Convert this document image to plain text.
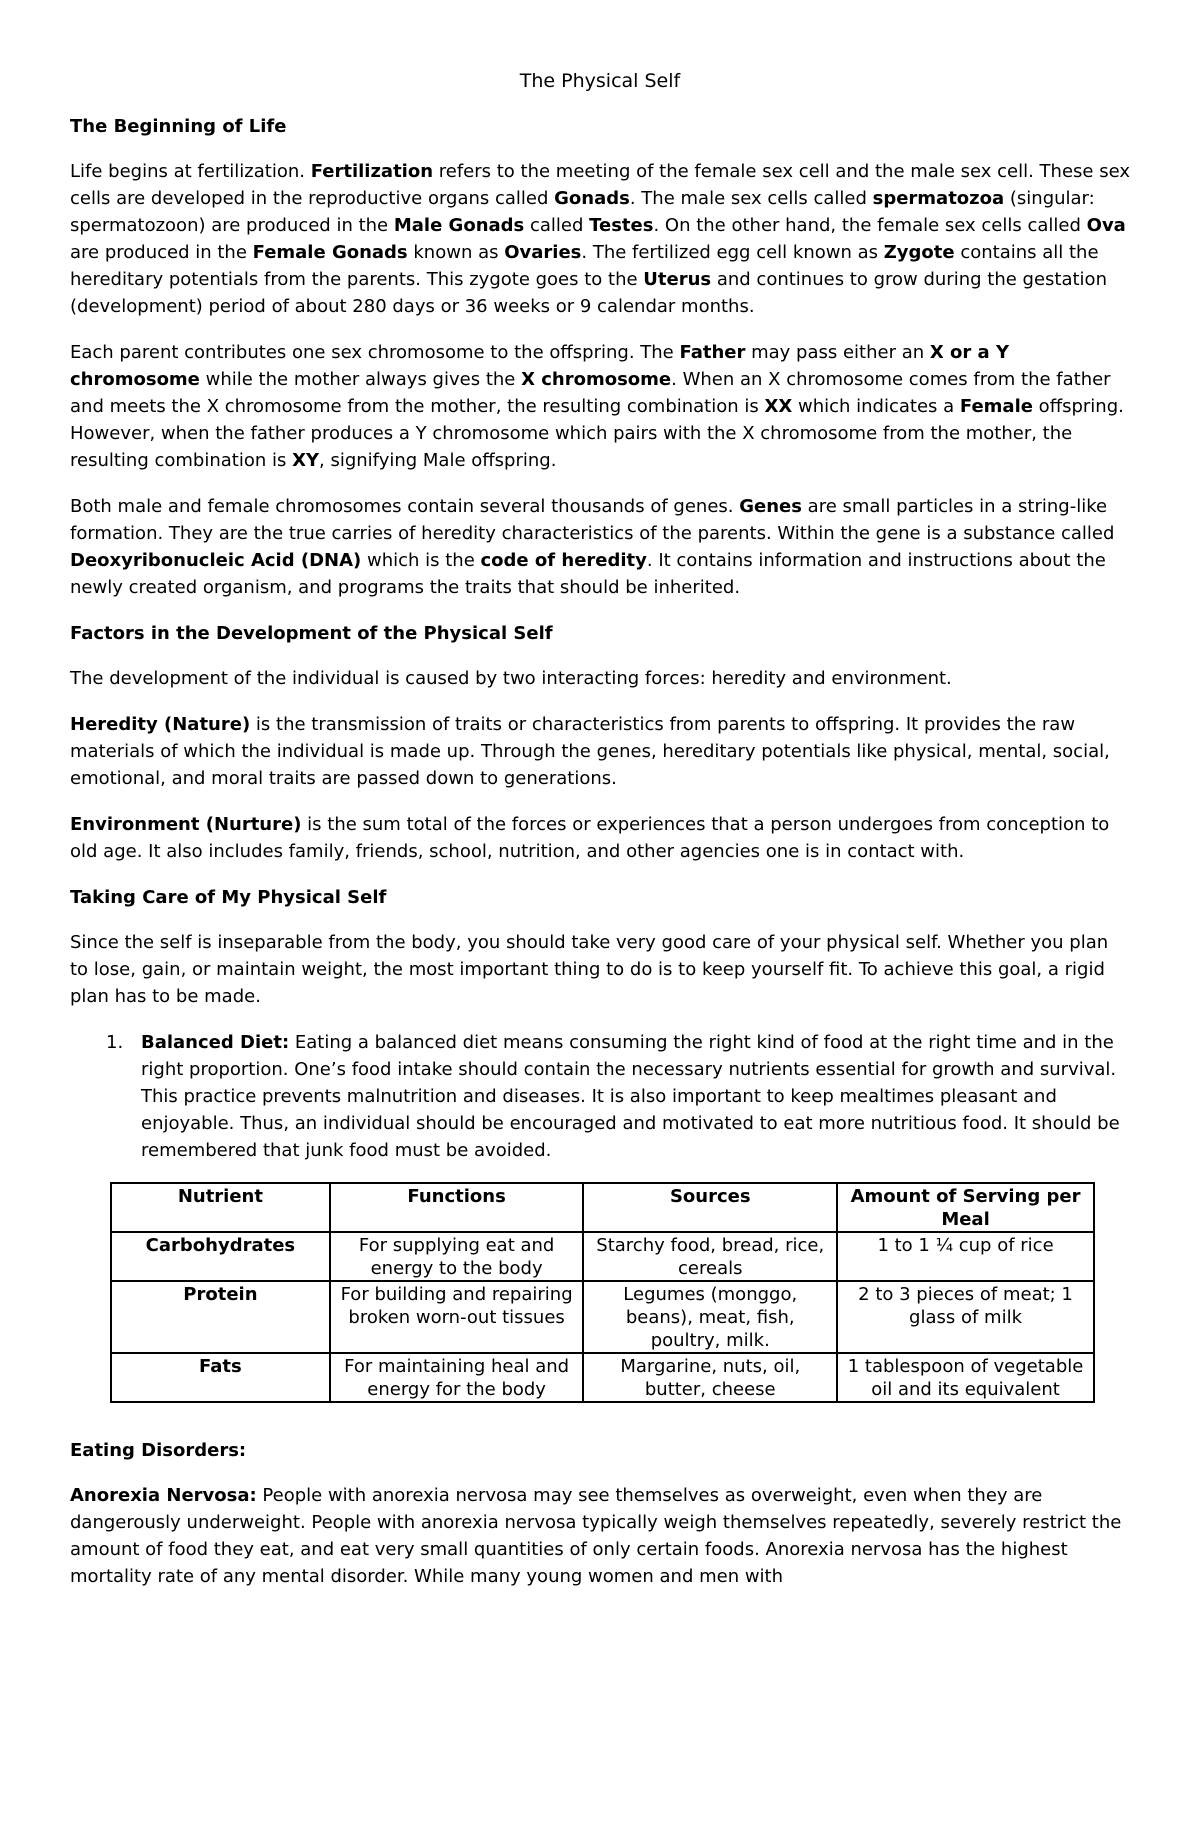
The Physical Self
The Beginning of Life

Life begins at fertilization. Fertilization refers to the meeting of the female sex cell and the male sex cell. These sex cells are developed in the reproductive organs called Gonads. The male sex cells called spermatozoa (singular: spermatozoon) are produced in the Male Gonads called Testes. On the other hand, the female sex cells called Ova are produced in the Female Gonads known as Ovaries. The fertilized egg cell known as Zygote contains all the hereditary potentials from the parents. This zygote goes to the Uterus and continues to grow during the gestation (development) period of about 280 days or 36 weeks or 9 calendar months.

Each parent contributes one sex chromosome to the offspring. The Father may pass either an X or a Y chromosome while the mother always gives the X chromosome. When an X chromosome comes from the father and meets the X chromosome from the mother, the resulting combination is XX which indicates a Female offspring. However, when the father produces a Y chromosome which pairs with the X chromosome from the mother, the resulting combination is XY, signifying Male offspring.

Both male and female chromosomes contain several thousands of genes. Genes are small particles in a string-like formation. They are the true carries of heredity characteristics of the parents. Within the gene is a substance called Deoxyribonucleic Acid (DNA) which is the code of heredity. It contains information and instructions about the newly created organism, and programs the traits that should be inherited.

Factors in the Development of the Physical Self

The development of the individual is caused by two interacting forces: heredity and environment.

Heredity (Nature) is the transmission of traits or characteristics from parents to offspring. It provides the raw materials of which the individual is made up. Through the genes, hereditary potentials like physical, mental, social, emotional, and moral traits are passed down to generations.

Environment (Nurture) is the sum total of the forces or experiences that a person undergoes from conception to old age. It also includes family, friends, school, nutrition, and other agencies one is in contact with.

Taking Care of My Physical Self

Since the self is inseparable from the body, you should take very good care of your physical self. Whether you plan to lose, gain, or maintain weight, the most important thing to do is to keep yourself fit. To achieve this goal, a rigid plan has to be made.

1. Balanced Diet: Eating a balanced diet means consuming the right kind of food at the right time and in the right proportion. One’s food intake should contain the necessary nutrients essential for growth and survival. This practice prevents malnutrition and diseases. It is also important to keep mealtimes pleasant and enjoyable. Thus, an individual should be encouraged and motivated to eat more nutritious food. It should be remembered that junk food must be avoided.
Nutrient	Functions	Sources	Amount of Serving per Meal
Carbohydrates	For supplying eat and energy to the body	Starchy food, bread, rice, cereals	1 to 1 ¼ cup of rice
Protein	For building and repairing broken worn-out tissues	Legumes (monggo, beans), meat, fish, poultry, milk.	2 to 3 pieces of meat; 1 glass of milk
Fats	For maintaining heal and energy for the body	Margarine, nuts, oil, butter, cheese	1 tablespoon of vegetable oil and its equivalent
Eating Disorders:

Anorexia Nervosa: People with anorexia nervosa may see themselves as overweight, even when they are dangerously underweight. People with anorexia nervosa typically weigh themselves repeatedly, severely restrict the amount of food they eat, and eat very small quantities of only certain foods. Anorexia nervosa has the highest mortality rate of any mental disorder. While many young women and men with
